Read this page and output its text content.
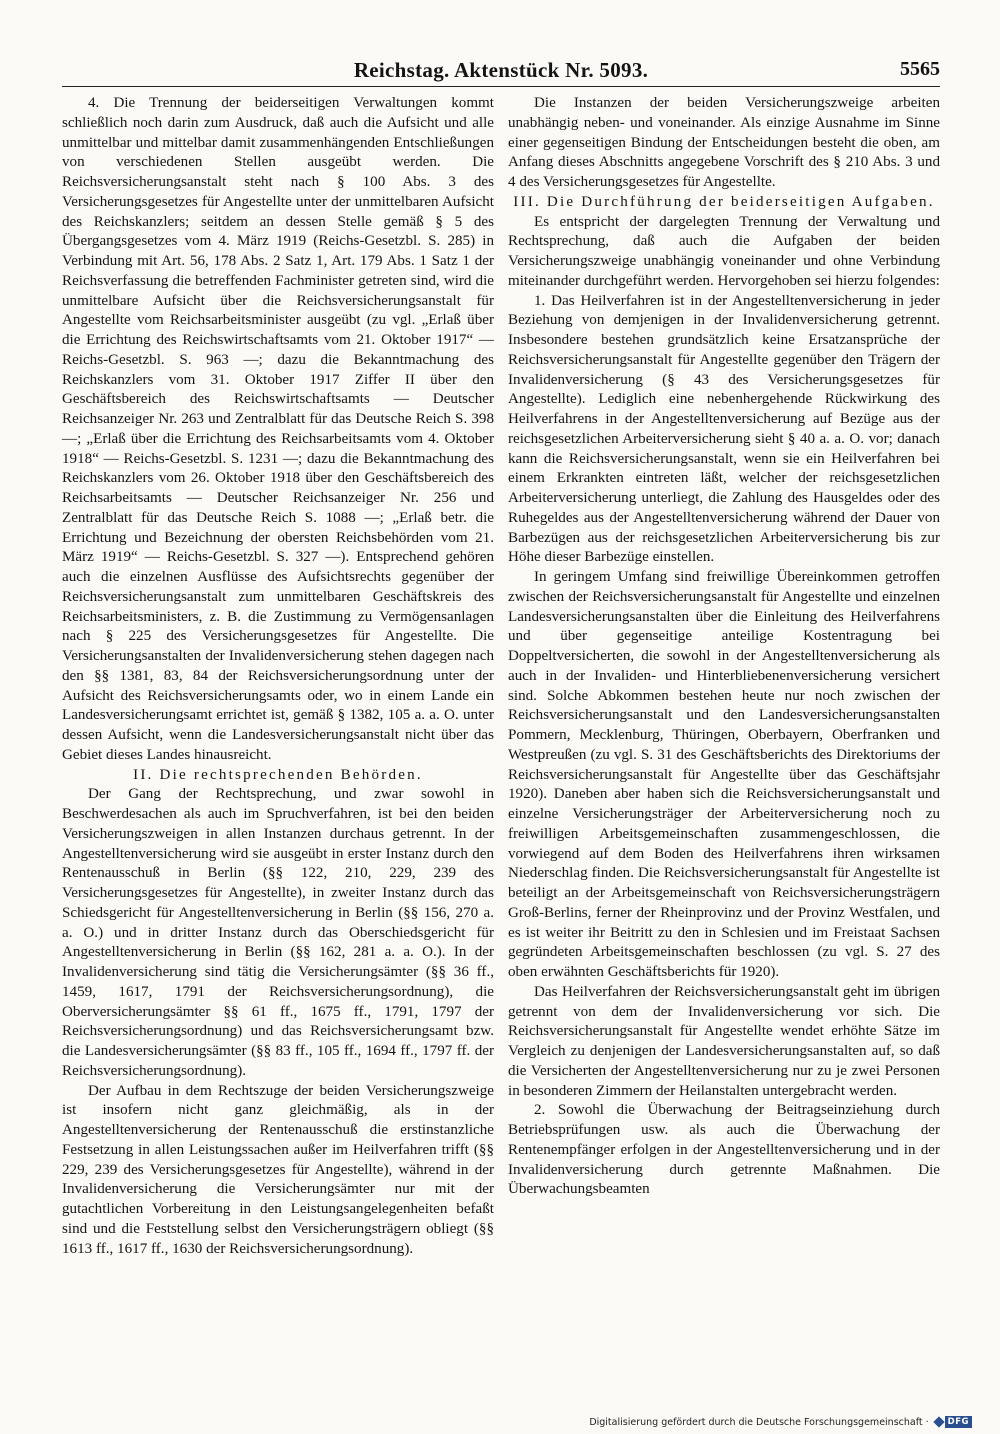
Reichstag. Aktenstück Nr. 5093.	5565

4. Die Trennung der beiderseitigen Verwaltungen kommt schließlich noch darin zum Ausdruck, daß auch die Aufsicht und alle unmittelbar und mittelbar damit zusammenhängenden Entschließungen von verschiedenen Stellen ausgeübt werden. Die Reichsversicherungsanstalt steht nach § 100 Abs. 3 des Versicherungsgesetzes für Angestellte unter der unmittelbaren Aufsicht des Reichskanzlers; seitdem an dessen Stelle gemäß § 5 des Übergangsgesetzes vom 4. März 1919 (Reichs-Gesetzbl. S. 285) in Verbindung mit Art. 56, 178 Abs. 2 Satz 1, Art. 179 Abs. 1 Satz 1 der Reichsverfassung die betreffenden Fachminister getreten sind, wird die unmittelbare Aufsicht über die Reichsversicherungsanstalt für Angestellte vom Reichsarbeitsminister ausgeübt (zu vgl. „Erlaß über die Errichtung des Reichswirtschaftsamts vom 21. Oktober 1917“ — Reichs-Gesetzbl. S. 963 —; dazu die Bekanntmachung des Reichskanzlers vom 31. Oktober 1917 Ziffer II über den Geschäftsbereich des Reichswirtschaftsamts — Deutscher Reichsanzeiger Nr. 263 und Zentralblatt für das Deutsche Reich S. 398 —; „Erlaß über die Errichtung des Reichsarbeitsamts vom 4. Oktober 1918“ — Reichs-Gesetzbl. S. 1231 —; dazu die Bekanntmachung des Reichskanzlers vom 26. Oktober 1918 über den Geschäftsbereich des Reichsarbeitsamts — Deutscher Reichsanzeiger Nr. 256 und Zentralblatt für das Deutsche Reich S. 1088 —; „Erlaß betr. die Errichtung und Bezeichnung der obersten Reichsbehörden vom 21. März 1919“ — Reichs-Gesetzbl. S. 327 —). Entsprechend gehören auch die einzelnen Ausflüsse des Aufsichtsrechts gegenüber der Reichsversicherungsanstalt zum unmittelbaren Geschäftskreis des Reichsarbeitsministers, z. B. die Zustimmung zu Vermögensanlagen nach § 225 des Versicherungsgesetzes für Angestellte. Die Versicherungsanstalten der Invalidenversicherung stehen dagegen nach den §§ 1381, 83, 84 der Reichsversicherungsordnung unter der Aufsicht des Reichsversicherungsamts oder, wo in einem Lande ein Landesversicherungsamt errichtet ist, gemäß § 1382, 105 a. a. O. unter dessen Aufsicht, wenn die Landesversicherungsanstalt nicht über das Gebiet dieses Landes hinausreicht.

II. Die rechtsprechenden Behörden.

Der Gang der Rechtsprechung, und zwar sowohl in Beschwerdesachen als auch im Spruchverfahren, ist bei den beiden Versicherungszweigen in allen Instanzen durchaus getrennt. In der Angestelltenversicherung wird sie ausgeübt in erster Instanz durch den Rentenausschuß in Berlin (§§ 122, 210, 229, 239 des Versicherungsgesetzes für Angestellte), in zweiter Instanz durch das Schiedsgericht für Angestelltenversicherung in Berlin (§§ 156, 270 a. a. O.) und in dritter Instanz durch das Oberschiedsgericht für Angestelltenversicherung in Berlin (§§ 162, 281 a. a. O.). In der Invalidenversicherung sind tätig die Versicherungsämter (§§ 36 ff., 1459, 1617, 1791 der Reichsversicherungsordnung), die Oberversicherungsämter §§ 61 ff., 1675 ff., 1791, 1797 der Reichsversicherungsordnung) und das Reichsversicherungsamt bzw. die Landesversicherungsämter (§§ 83 ff., 105 ff., 1694 ff., 1797 ff. der Reichsversicherungsordnung).

Der Aufbau in dem Rechtszuge der beiden Versicherungszweige ist insofern nicht ganz gleichmäßig, als in der Angestelltenversicherung der Rentenausschuß die erstinstanzliche Festsetzung in allen Leistungssachen außer im Heilverfahren trifft (§§ 229, 239 des Versicherungsgesetzes für Angestellte), während in der Invalidenversicherung die Versicherungsämter nur mit der gutachtlichen Vorbereitung in den Leistungsangelegenheiten befaßt sind und die Feststellung selbst den Versicherungsträgern obliegt (§§ 1613 ff., 1617 ff., 1630 der Reichsversicherungsordnung).

Die Instanzen der beiden Versicherungszweige arbeiten unabhängig neben- und voneinander. Als einzige Ausnahme im Sinne einer gegenseitigen Bindung der Entscheidungen besteht die oben, am Anfang dieses Abschnitts angegebene Vorschrift des § 210 Abs. 3 und 4 des Versicherungsgesetzes für Angestellte.

III. Die Durchführung der beiderseitigen Aufgaben.

Es entspricht der dargelegten Trennung der Verwaltung und Rechtsprechung, daß auch die Aufgaben der beiden Versicherungszweige unabhängig voneinander und ohne Verbindung miteinander durchgeführt werden. Hervorgehoben sei hierzu folgendes:

1. Das Heilverfahren ist in der Angestelltenversicherung in jeder Beziehung von demjenigen in der Invalidenversicherung getrennt. Insbesondere bestehen grundsätzlich keine Ersatzansprüche der Reichsversicherungsanstalt für Angestellte gegenüber den Trägern der Invalidenversicherung (§ 43 des Versicherungsgesetzes für Angestellte). Lediglich eine nebenhergehende Rückwirkung des Heilverfahrens in der Angestelltenversicherung auf Bezüge aus der reichsgesetzlichen Arbeiterversicherung sieht § 40 a. a. O. vor; danach kann die Reichsversicherungsanstalt, wenn sie ein Heilverfahren bei einem Erkrankten eintreten läßt, welcher der reichsgesetzlichen Arbeiterversicherung unterliegt, die Zahlung des Hausgeldes oder des Ruhegeldes aus der Angestelltenversicherung während der Dauer von Barbezügen aus der reichsgesetzlichen Arbeiterversicherung bis zur Höhe dieser Barbezüge einstellen.

In geringem Umfang sind freiwillige Übereinkommen getroffen zwischen der Reichsversicherungsanstalt für Angestellte und einzelnen Landesversicherungsanstalten über die Einleitung des Heilverfahrens und über gegenseitige anteilige Kostentragung bei Doppeltversicherten, die sowohl in der Angestelltenversicherung als auch in der Invaliden- und Hinterbliebenenversicherung versichert sind. Solche Abkommen bestehen heute nur noch zwischen der Reichsversicherungsanstalt und den Landesversicherungsanstalten Pommern, Mecklenburg, Thüringen, Oberbayern, Oberfranken und Westpreußen (zu vgl. S. 31 des Geschäftsberichts des Direktoriums der Reichsversicherungsanstalt für Angestellte über das Geschäftsjahr 1920). Daneben aber haben sich die Reichsversicherungsanstalt und einzelne Versicherungsträger der Arbeiterversicherung noch zu freiwilligen Arbeitsgemeinschaften zusammengeschlossen, die vorwiegend auf dem Boden des Heilverfahrens ihren wirksamen Niederschlag finden. Die Reichsversicherungsanstalt für Angestellte ist beteiligt an der Arbeitsgemeinschaft von Reichsversicherungsträgern Groß-Berlins, ferner der Rheinprovinz und der Provinz Westfalen, und es ist weiter ihr Beitritt zu den in Schlesien und im Freistaat Sachsen gegründeten Arbeitsgemeinschaften beschlossen (zu vgl. S. 27 des oben erwähnten Geschäftsberichts für 1920).

Das Heilverfahren der Reichsversicherungsanstalt geht im übrigen getrennt von dem der Invalidenversicherung vor sich. Die Reichsversicherungsanstalt für Angestellte wendet erhöhte Sätze im Vergleich zu denjenigen der Landesversicherungsanstalten auf, so daß die Versicherten der Angestelltenversicherung nur zu je zwei Personen in besonderen Zimmern der Heilanstalten untergebracht werden.

2. Sowohl die Überwachung der Beitragseinziehung durch Betriebsprüfungen usw. als auch die Überwachung der Rentenempfänger erfolgen in der Angestelltenversicherung und in der Invalidenversicherung durch getrennte Maßnahmen. Die Überwachungsbeamten

Digitalisierung gefördert durch die Deutsche Forschungsgemeinschaft ·	DFG
